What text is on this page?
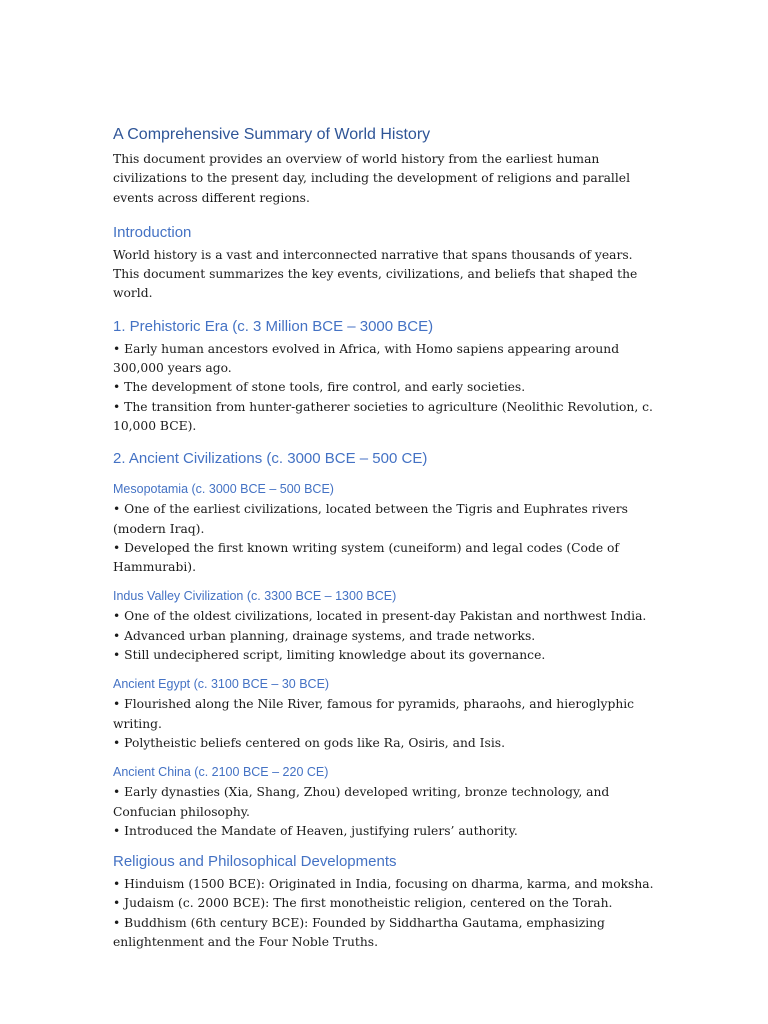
A Comprehensive Summary of World History

This document provides an overview of world history from the earliest human civilizations to the present day, including the development of religions and parallel events across different regions.

Introduction

World history is a vast and interconnected narrative that spans thousands of years. This document summarizes the key events, civilizations, and beliefs that shaped the world.

1. Prehistoric Era (c. 3 Million BCE – 3000 BCE)

• Early human ancestors evolved in Africa, with Homo sapiens appearing around 300,000 years ago.

• The development of stone tools, fire control, and early societies.

• The transition from hunter-gatherer societies to agriculture (Neolithic Revolution, c. 10,000 BCE).

2. Ancient Civilizations (c. 3000 BCE – 500 CE)
Mesopotamia (c. 3000 BCE – 500 BCE)

• One of the earliest civilizations, located between the Tigris and Euphrates rivers (modern Iraq).

• Developed the first known writing system (cuneiform) and legal codes (Code of Hammurabi).

Indus Valley Civilization (c. 3300 BCE – 1300 BCE)

• One of the oldest civilizations, located in present-day Pakistan and northwest India.

• Advanced urban planning, drainage systems, and trade networks.

• Still undeciphered script, limiting knowledge about its governance.

Ancient Egypt (c. 3100 BCE – 30 BCE)

• Flourished along the Nile River, famous for pyramids, pharaohs, and hieroglyphic writing.

• Polytheistic beliefs centered on gods like Ra, Osiris, and Isis.

Ancient China (c. 2100 BCE – 220 CE)

• Early dynasties (Xia, Shang, Zhou) developed writing, bronze technology, and Confucian philosophy.

• Introduced the Mandate of Heaven, justifying rulers’ authority.

Religious and Philosophical Developments

• Hinduism (1500 BCE): Originated in India, focusing on dharma, karma, and moksha.

• Judaism (c. 2000 BCE): The first monotheistic religion, centered on the Torah.

• Buddhism (6th century BCE): Founded by Siddhartha Gautama, emphasizing enlightenment and the Four Noble Truths.
